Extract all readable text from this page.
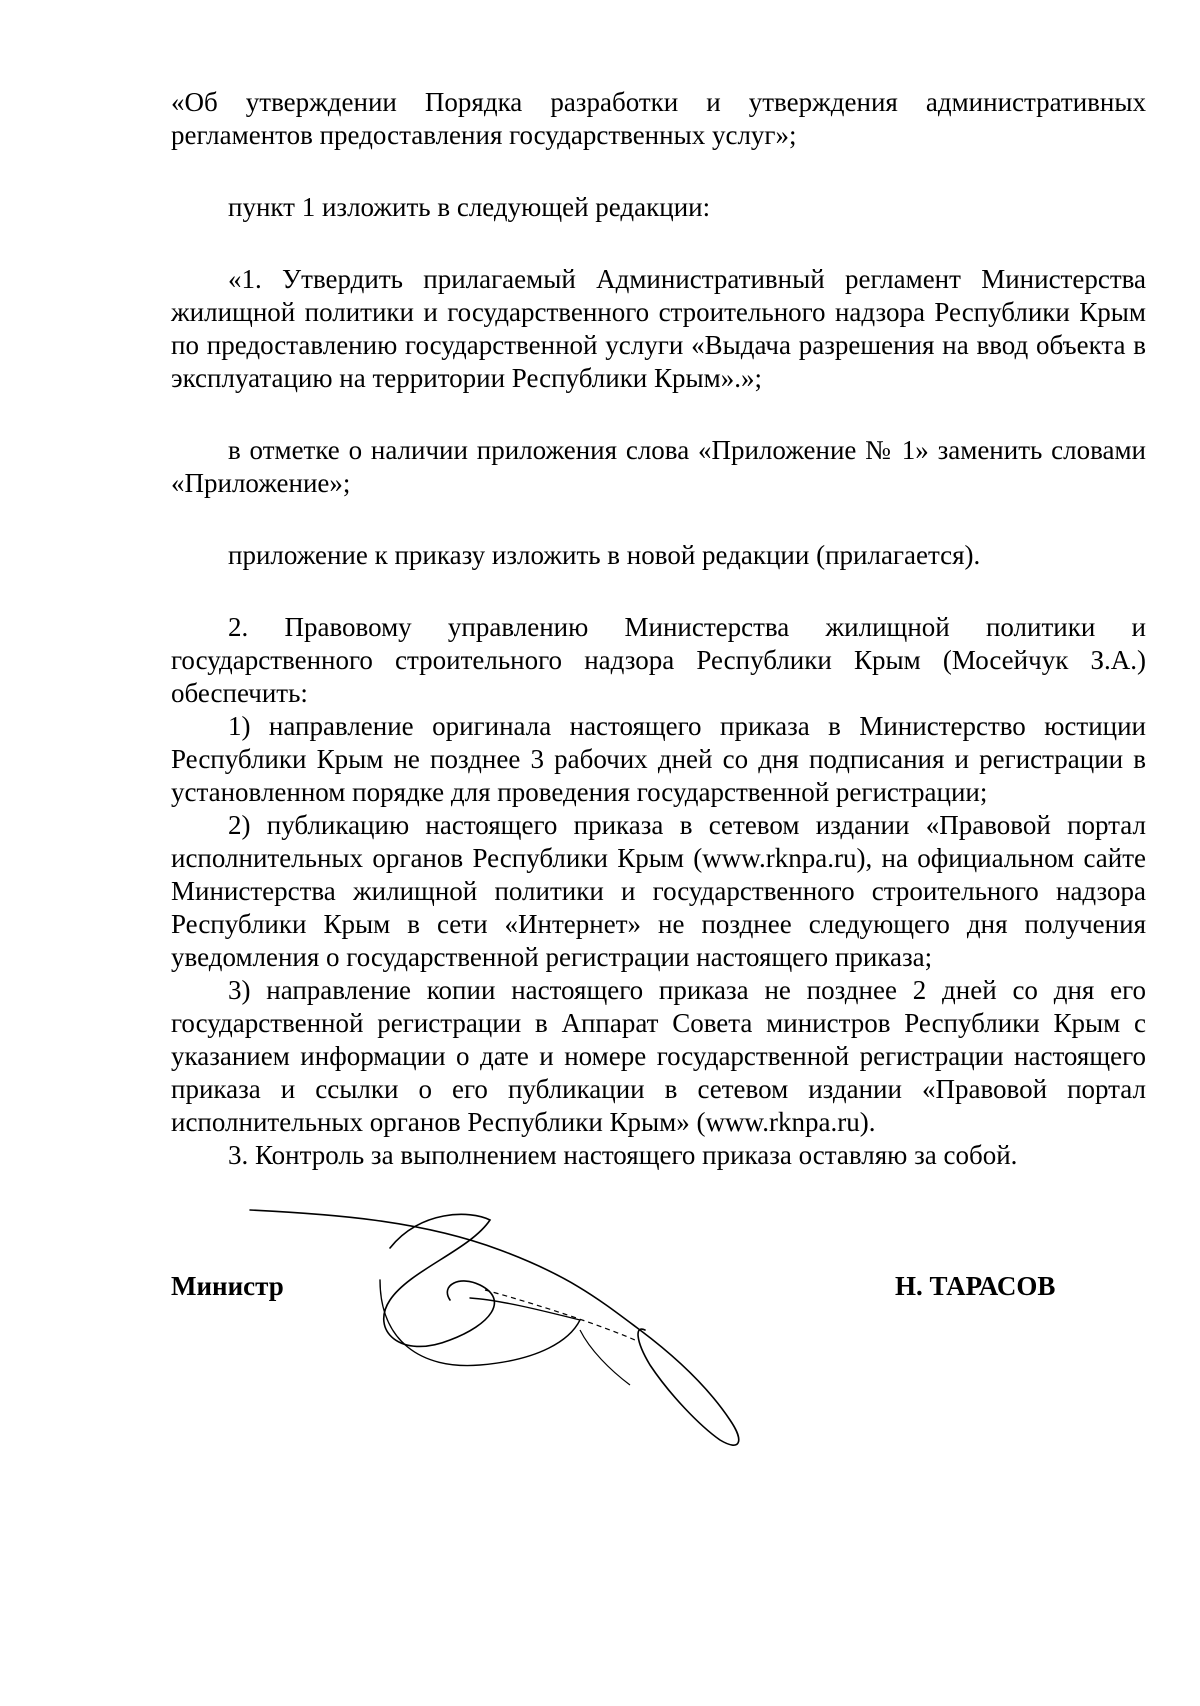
«Об утверждении Порядка разработки и утверждения административных регламентов предоставления государственных услуг»;

пункт 1 изложить в следующей редакции:

«1. Утвердить прилагаемый Административный регламент Министерства жилищной политики и государственного строительного надзора Республики Крым по предоставлению государственной услуги «Выдача разрешения на ввод объекта в эксплуатацию на территории Республики Крым».»;

в отметке о наличии приложения слова «Приложение № 1» заменить словами «Приложение»;

приложение к приказу изложить в новой редакции (прилагается).

2. Правовому управлению Министерства жилищной политики и государственного строительного надзора Республики Крым (Мосейчук З.А.) обеспечить:

1) направление оригинала настоящего приказа в Министерство юстиции Республики Крым не позднее 3 рабочих дней со дня подписания и регистрации в установленном порядке для проведения государственной регистрации;

2) публикацию настоящего приказа в сетевом издании «Правовой портал исполнительных органов Республики Крым (www.rknpa.ru), на официальном сайте Министерства жилищной политики и государственного строительного надзора Республики Крым в сети «Интернет» не позднее следующего дня получения уведомления о государственной регистрации настоящего приказа;

3) направление копии настоящего приказа не позднее 2 дней со дня его государственной регистрации в Аппарат Совета министров Республики Крым с указанием информации о дате и номере государственной регистрации настоящего приказа и ссылки о его публикации в сетевом издании «Правовой портал исполнительных органов Республики Крым» (www.rknpa.ru).

3. Контроль за выполнением настоящего приказа оставляю за собой.

Министр	Н. ТАРАСОВ
